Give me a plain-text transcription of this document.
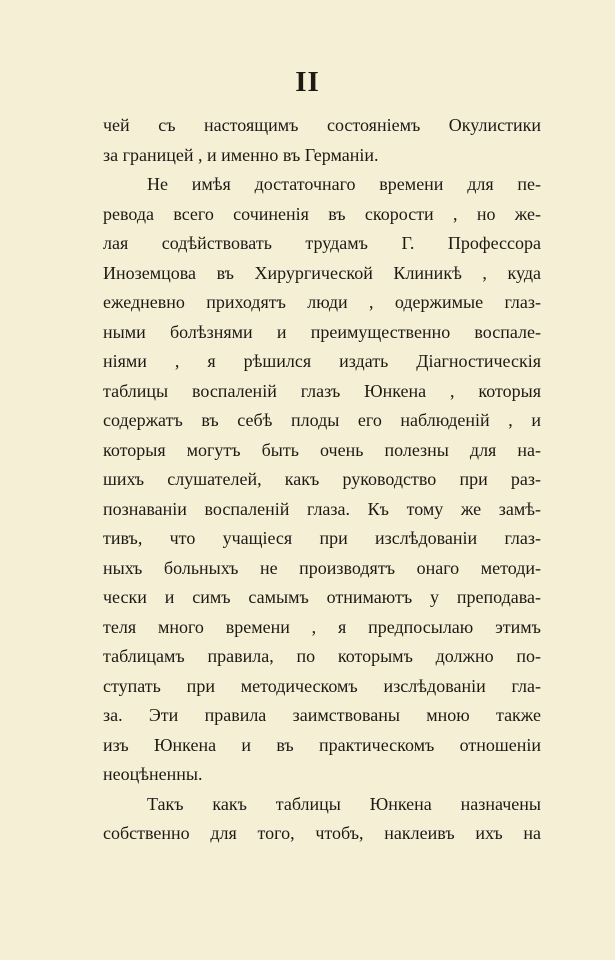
II
чей съ настоящимъ состоянiемъ Окулистики
за границей , и именно въ Германiи.
Не имѣя достаточнаго времени для пе-
ревода всего сочиненiя въ скорости , но же-
лая содѣйствовать трудамъ Г. Профессора
Иноземцова въ Хирургической Клиникѣ , куда
ежедневно приходятъ люди , одержимые глаз-
ными болѣзнями и преимущественно воспале-
нiями , я рѣшился издать Дiагностическiя
таблицы воспаленiй глазъ Юнкена , которыя
содержатъ въ себѣ плоды его наблюденiй , и
которыя могутъ быть очень полезны для на-
шихъ слушателей, какъ руководство при раз-
познаванiи воспаленiй глаза. Къ тому же замѣ-
тивъ, что учащiеся при изслѣдованiи глаз-
ныхъ больныхъ не производятъ онаго методи-
чески и симъ самымъ отнимаютъ у преподава-
теля много времени , я предпосылаю этимъ
таблицамъ правила, по которымъ должно по-
ступать при методическомъ изслѣдованiи гла-
за. Эти правила заимствованы мною также
изъ Юнкена и въ практическомъ отношенiи
неоцѣненны.
Такъ какъ таблицы Юнкена назначены
собственно для того, чтобъ, наклеивъ ихъ на
